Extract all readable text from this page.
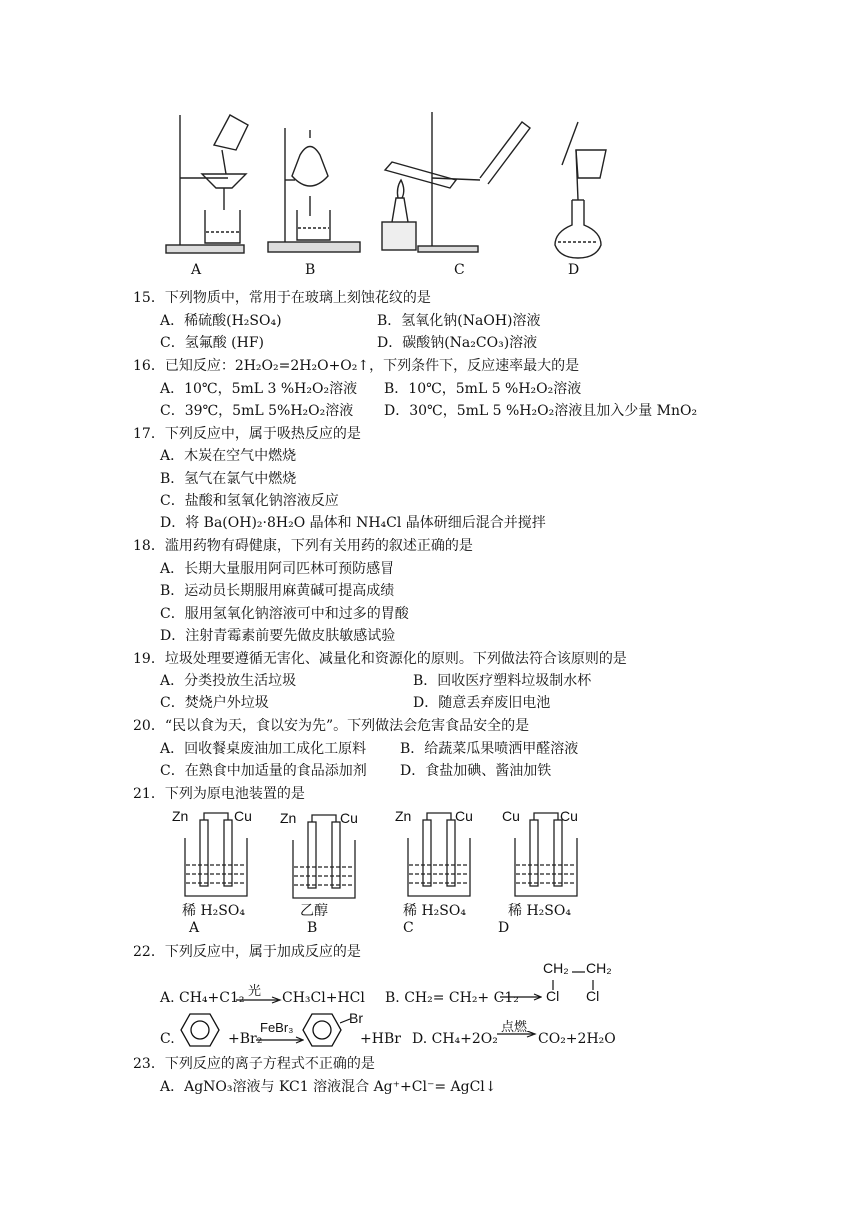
A	B	C	D
15．下列物质中，常用于在玻璃上刻蚀花纹的是
A．稀硫酸(H₂SO₄)	B．氢氧化钠(NaOH)溶液
C．氢氟酸 (HF)	D．碳酸钠(Na₂CO₃)溶液
16．已知反应：2H₂O₂=2H₂O+O₂↑，下列条件下，反应速率最大的是
A．10℃，5mL 3 %H₂O₂溶液 B．10℃，5mL 5 %H₂O₂溶液
C．39℃，5mL 5%H₂O₂溶液 D．30℃，5mL 5 %H₂O₂溶液且加入少量 MnO₂
17．下列反应中，属于吸热反应的是
A．木炭在空气中燃烧
B．氢气在氯气中燃烧
C．盐酸和氢氧化钠溶液反应
D．将 Ba(OH)₂·8H₂O 晶体和 NH₄Cl 晶体研细后混合并搅拌
18．滥用药物有碍健康，下列有关用药的叙述正确的是
A．长期大量服用阿司匹林可预防感冒
B．运动员长期服用麻黄碱可提高成绩
C．服用氢氧化钠溶液可中和过多的胃酸
D．注射青霉素前要先做皮肤敏感试验
19．垃圾处理要遵循无害化、减量化和资源化的原则。下列做法符合该原则的是
A．分类投放生活垃圾	B．回收医疗塑料垃圾制水杯
C．焚烧户外垃圾	D．随意丢弃废旧电池
20．“民以食为天，食以安为先”。下列做法会危害食品安全的是
A．回收餐桌废油加工成化工原料 B．给蔬菜瓜果喷洒甲醛溶液
C．在熟食中加适量的食品添加剂 D．食盐加碘、酱油加铁
21．下列为原电池装置的是
Zn	Cu
稀 H₂SO₄
A
Zn	Cu
乙醇
B
Zn	Cu
稀 H₂SO₄
C
Cu	Cu
稀 H₂SO₄
D
22．下列反应中，属于加成反应的是
A. CH₄+C1₂ 光 CH₃Cl+HCl B. CH₂= CH₂+ C1₂
CH₂ CH₂
Cl Cl
C.	+Br₂
FeBr₃
Br
+HBr D. CH₄+2O₂
点燃
CO₂+2H₂O
23．下列反应的离子方程式不正确的是
A．AgNO₃溶液与 KC1 溶液混合 Ag⁺+Cl⁻= AgCl↓
